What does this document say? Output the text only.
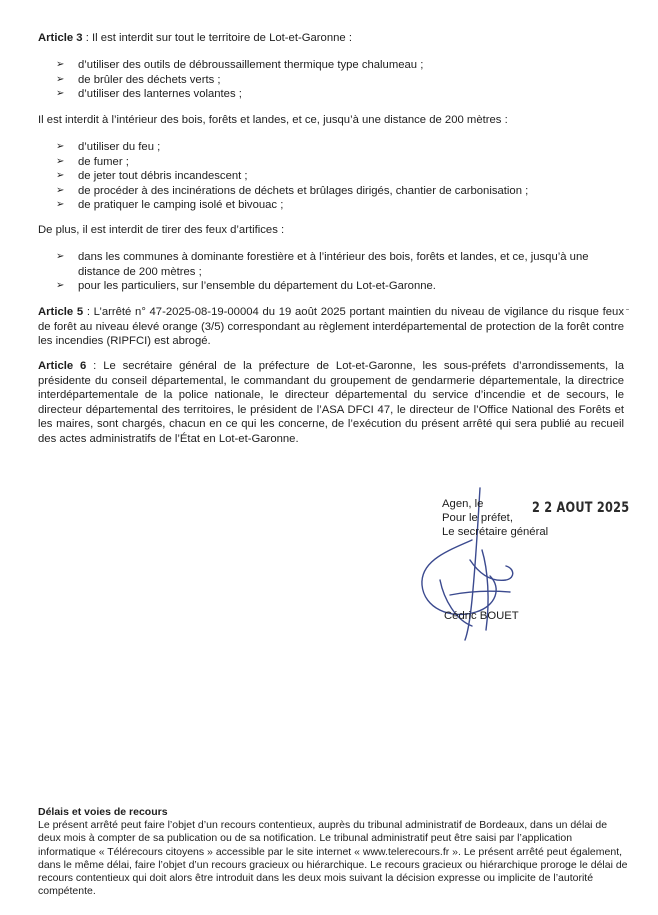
Article 3 : Il est interdit sur tout le territoire de Lot-et-Garonne :

➢ d’utiliser des outils de débroussaillement thermique type chalumeau ;
➢ de brûler des déchets verts ;
➢ d’utiliser des lanternes volantes ;

Il est interdit à l’intérieur des bois, forêts et landes, et ce, jusqu’à une distance de 200 mètres :

➢ d’utiliser du feu ;
➢ de fumer ;
➢ de jeter tout débris incandescent ;
➢ de procéder à des incinérations de déchets et brûlages dirigés, chantier de carbonisation ;
➢ de pratiquer le camping isolé et bivouac ;

De plus, il est interdit de tirer des feux d’artifices :

➢ dans les communes à dominante forestière et à l’intérieur des bois, forêts et landes, et ce, jusqu’à une distance de 200 mètres ;
➢ pour les particuliers, sur l’ensemble du département du Lot-et-Garonne.

Article 5 : L’arrêté n° 47-2025-08-19-00004 du 19 août 2025 portant maintien du niveau de vigilance du risque feux de forêt au niveau élevé orange (3/5) correspondant au règlement interdépartemental de protection de la forêt contre les incendies (RIPFCI) est abrogé.

Article 6 : Le secrétaire général de la préfecture de Lot-et-Garonne, les sous-préfets d’arrondissements, la présidente du conseil départemental, le commandant du groupement de gendarmerie départementale, la directrice interdépartementale de la police nationale, le directeur départemental du service d’incendie et de secours, le directeur départemental des territoires, le président de l’ASA DFCI 47, le directeur de l’Office National des Forêts et les maires, sont chargés, chacun en ce qui les concerne, de l’exécution du présent arrêté qui sera publié au recueil des actes administratifs de l’État en Lot-et-Garonne.

Agen, le
Pour le préfet,
Le secrétaire général
2 2 AOUT 2025
Cédric BOUET
Délais et voies de recours

Le présent arrêté peut faire l’objet d’un recours contentieux, auprès du tribunal administratif de Bordeaux, dans un délai de deux mois à compter de sa publication ou de sa notification. Le tribunal administratif peut être saisi par l’application informatique « Télérecours citoyens » accessible par le site internet « www.telerecours.fr ». Le présent arrêté peut également, dans le même délai, faire l’objet d’un recours gracieux ou hiérarchique. Le recours gracieux ou hiérarchique proroge le délai de recours contentieux qui doit alors être introduit dans les deux mois suivant la décision expresse ou implicite de l’autorité compétente.
